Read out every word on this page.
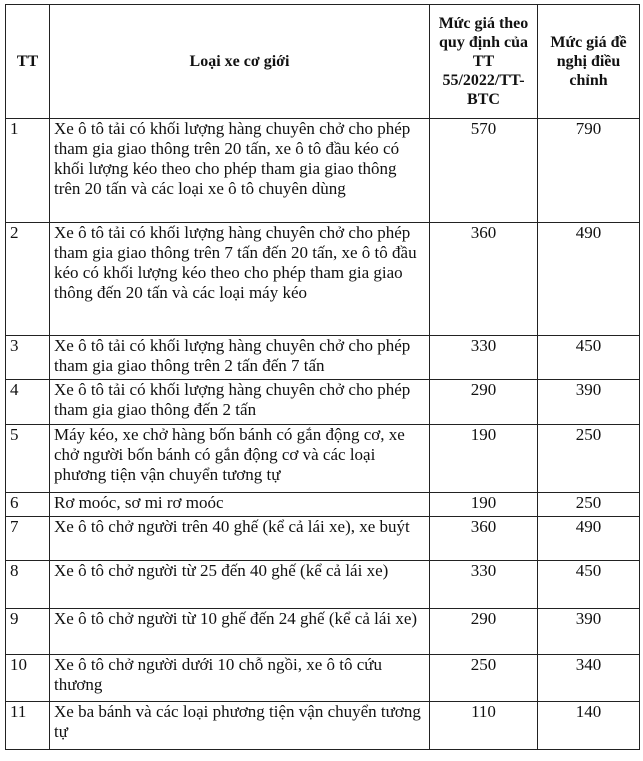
TT	Loại xe cơ giới	Mức giá theo quy định của TT 55/2022/TT-BTC	Mức giá đề nghị điều chỉnh
1	Xe ô tô tải có khối lượng hàng chuyên chở cho phép tham gia giao thông trên 20 tấn, xe ô tô đầu kéo có khối lượng kéo theo cho phép tham gia giao thông trên 20 tấn và các loại xe ô tô chuyên dùng	570	790
2	Xe ô tô tải có khối lượng hàng chuyên chở cho phép tham gia giao thông trên 7 tấn đến 20 tấn, xe ô tô đầu kéo có khối lượng kéo theo cho phép tham gia giao thông đến 20 tấn và các loại máy kéo	360	490
3	Xe ô tô tải có khối lượng hàng chuyên chở cho phép tham gia giao thông trên 2 tấn đến 7 tấn	330	450
4	Xe ô tô tải có khối lượng hàng chuyên chở cho phép tham gia giao thông đến 2 tấn	290	390
5	Máy kéo, xe chở hàng bốn bánh có gắn động cơ, xe chở người bốn bánh có gắn động cơ và các loại phương tiện vận chuyển tương tự	190	250
6	Rơ moóc, sơ mi rơ moóc	190	250
7	Xe ô tô chở người trên 40 ghế (kể cả lái xe), xe buýt	360	490
8	Xe ô tô chở người từ 25 đến 40 ghế (kể cả lái xe)	330	450
9	Xe ô tô chở người từ 10 ghế đến 24 ghế (kể cả lái xe)	290	390
10	Xe ô tô chở người dưới 10 chỗ ngồi, xe ô tô cứu thương	250	340
11	Xe ba bánh và các loại phương tiện vận chuyển tương tự	110	140
